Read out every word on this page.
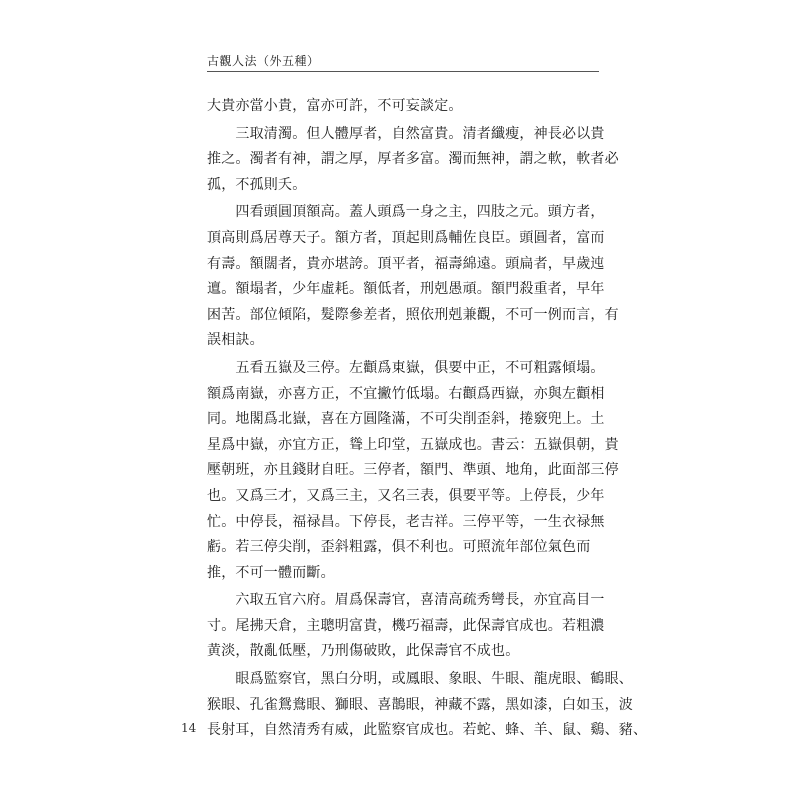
古觀人法（外五種）
大貴亦當小貴，富亦可許，不可妄談定。
　　三取清濁。但人體厚者，自然富貴。清者纖瘦，神長必以貴
推之。濁者有神，謂之厚，厚者多富。濁而無神，謂之軟，軟者必
孤，不孤則夭。
　　四看頭圓頂額高。蓋人頭爲一身之主，四肢之元。頭方者，
頂高則爲居尊天子。額方者，頂起則爲輔佐良臣。頭圓者，富而
有壽。額闊者，貴亦堪誇。頂平者，福壽綿遠。頭扁者，早歲迍
邅。額塌者，少年虛耗。額低者，刑剋愚頑。額門殺重者，早年
困苦。部位傾陷，髮際參差者，照依刑剋兼觀，不可一例而言，有
誤相訣。
　　五看五嶽及三停。左顴爲東嶽，俱要中正，不可粗露傾塌。
額爲南嶽，亦喜方正，不宜撇竹低塌。右顴爲西嶽，亦與左顴相
同。地閣爲北嶽，喜在方圓隆滿，不可尖削歪斜，捲竅兜上。土
星爲中嶽，亦宜方正，聳上印堂，五嶽成也。書云：五嶽俱朝，貴
壓朝班，亦且錢財自旺。三停者，額門、準頭、地角，此面部三停
也。又爲三才，又爲三主，又名三表，俱要平等。上停長，少年
忙。中停長，福禄昌。下停長，老吉祥。三停平等，一生衣禄無
虧。若三停尖削，歪斜粗露，俱不利也。可照流年部位氣色而
推，不可一體而斷。
　　六取五官六府。眉爲保壽官，喜清高疏秀彎長，亦宜高目一
寸。尾拂天倉，主聰明富貴，機巧福壽，此保壽官成也。若粗濃
黄淡，散亂低壓，乃刑傷破敗，此保壽官不成也。
　　眼爲監察官，黑白分明，或鳳眼、象眼、牛眼、龍虎眼、鶴眼、
猴眼、孔雀鴛鴦眼、獅眼、喜鵲眼，神藏不露，黑如漆，白如玉，波
長射耳，自然清秀有威，此監察官成也。若蛇、蜂、羊、鼠、鷄、豬、
14
